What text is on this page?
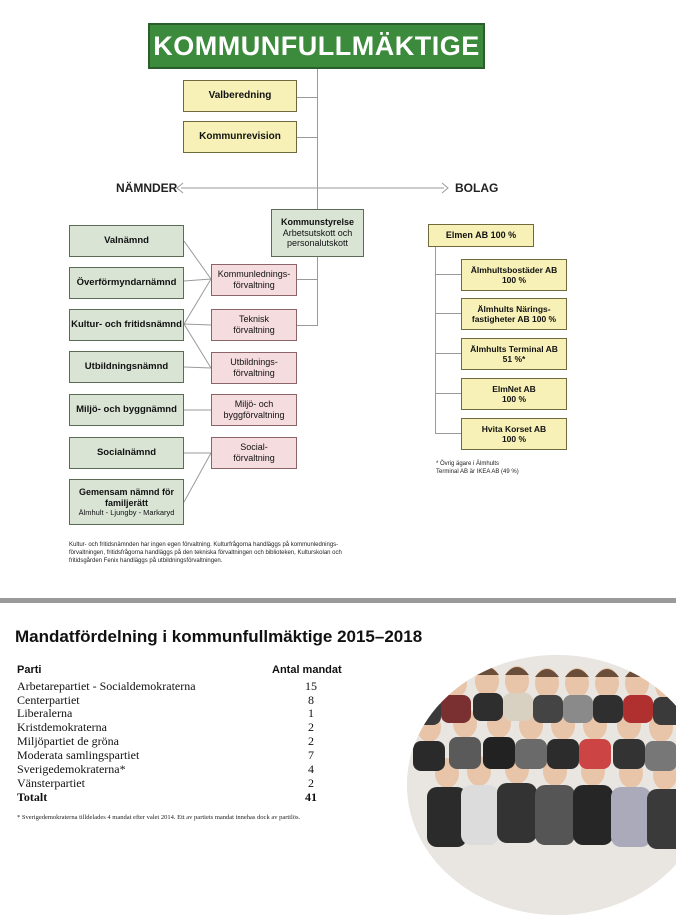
KOMMUNFULLMÄKTIGE
Valberedning
Kommunrevision
NÄMNDER	BOLAG
Kommunstyrelse
Arbetsutskott och
personalutskott
Valnämnd
Överförmyndarnämnd
Kultur- och fritidsnämnd
Utbildningsnämnd
Miljö- och byggnämnd
Socialnämnd
Gemensam nämnd för
familjerätt
Älmhult - Ljungby - Markaryd
Kommunlednings-
förvaltning
Teknisk
förvaltning
Utbildnings-
förvaltning
Miljö- och
byggförvaltning
Social-
förvaltning
Elmen AB 100 %
Älmhultsbostäder AB
100 %
Älmhults Närings-
fastigheter AB 100 %
Älmhults Terminal AB
51 %*
ElmNet AB
100 %
Hvita Korset AB
100 %
* Övrig ägare i Älmhults
Terminal AB är IKEA AB (49 %)
Kultur- och fritidsnämnden har ingen egen förvaltning. Kulturfrågorna handläggs på kommunlednings-
förvaltningen, fritidsfrågorna handläggs på den tekniska förvaltningen och biblioteken, Kulturskolan och
fritidsgården Fenix handläggs på utbildningsförvaltningen.
Mandatfördelning i kommunfullmäktige 2015–2018
Parti	Antal mandat
Arbetarepartiet - Socialdemokraterna	15
Centerpartiet	8
Liberalerna	1
Kristdemokraterna	2
Miljöpartiet de gröna	2
Moderata samlingspartiet	7
Sverigedemokraterna*	4
Vänsterpartiet	2
Totalt	41
* Sverigedemokraterna tilldelades 4 mandat efter valet 2014. Ett av partiets mandat innehas dock av partilös.
